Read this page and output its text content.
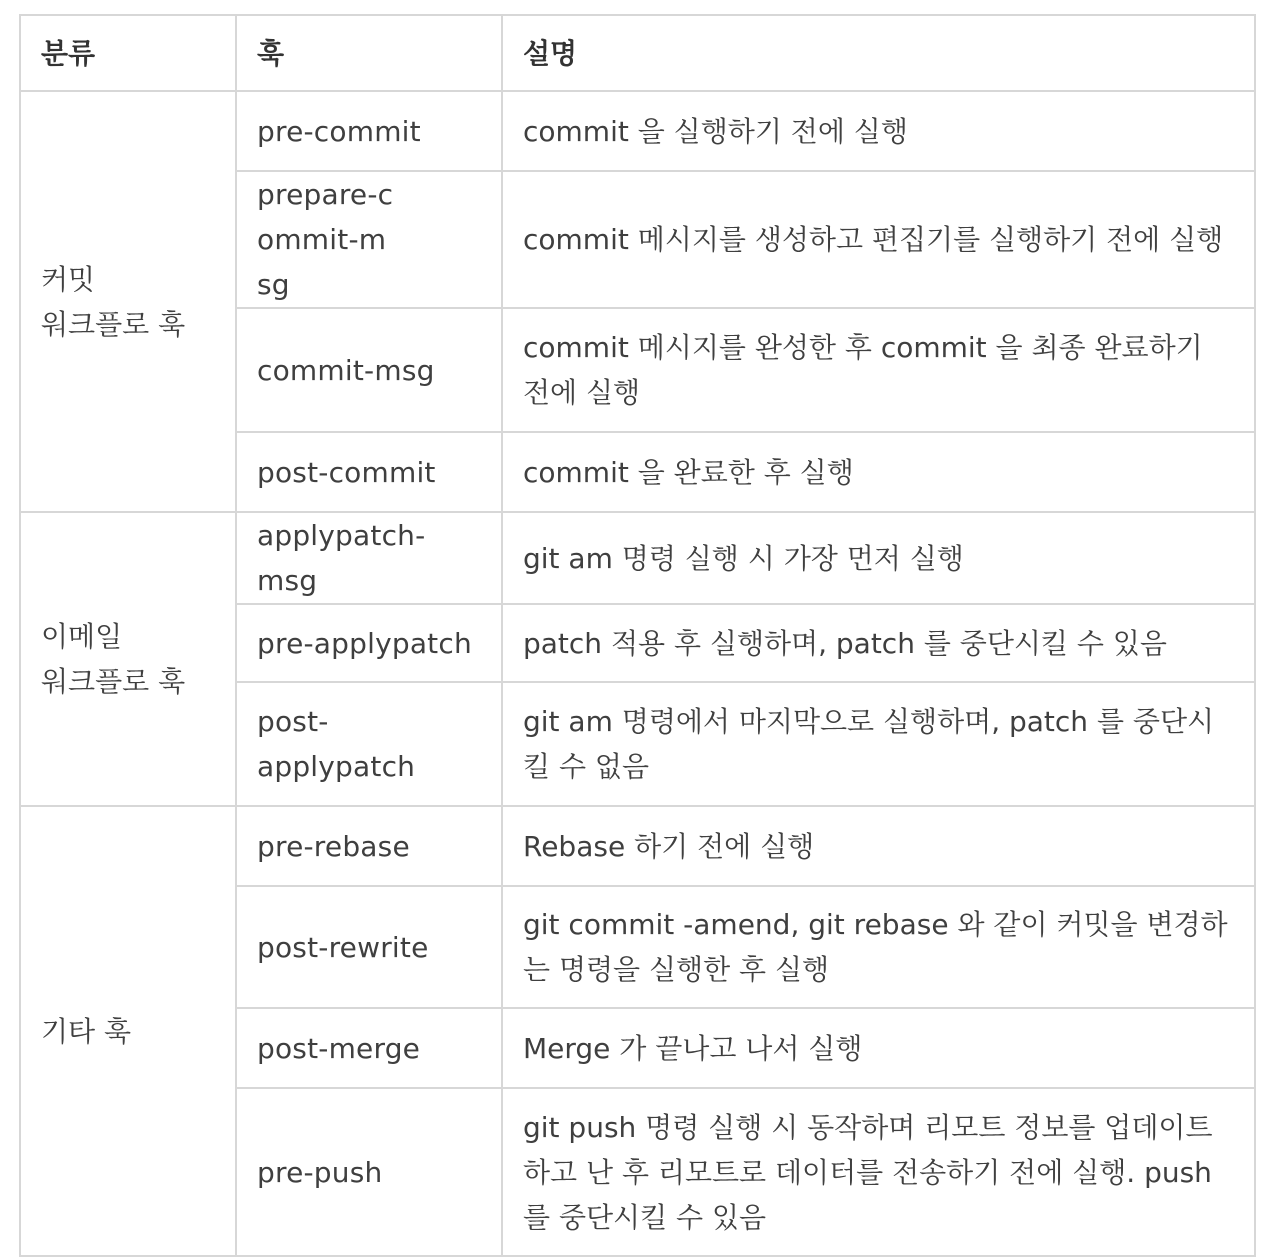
분류	훅	설명

커밋
워크플로 훅	pre-commit	commit 을 실행하기 전에 실행

	prepare-commit-msg	commit 메시지를 생성하고 편집기를 실행하기 전에 실행
	commit-msg	commit 메시지를 완성한 후 commit 을 최종 완료하기 전에 실행
	post-commit	commit 을 완료한 후 실행

이메일
워크플로 훅	applypatch-msg	git am 명령 실행 시 가장 먼저 실행
	pre-applypatch	patch 적용 후 실행하며, patch 를 중단시킬 수 있음
	post-applypatch	git am 명령에서 마지막으로 실행하며, patch 를 중단시킬 수 없음

기타 훅	pre-rebase	Rebase 하기 전에 실행
	post-rewrite	git commit -amend, git rebase 와 같이 커밋을 변경하는 명령을 실행한 후 실행
	post-merge	Merge 가 끝나고 나서 실행
	pre-push	git push 명령 실행 시 동작하며 리모트 정보를 업데이트하고 난 후 리모트로 데이터를 전송하기 전에 실행. push 를 중단시킬 수 있음
